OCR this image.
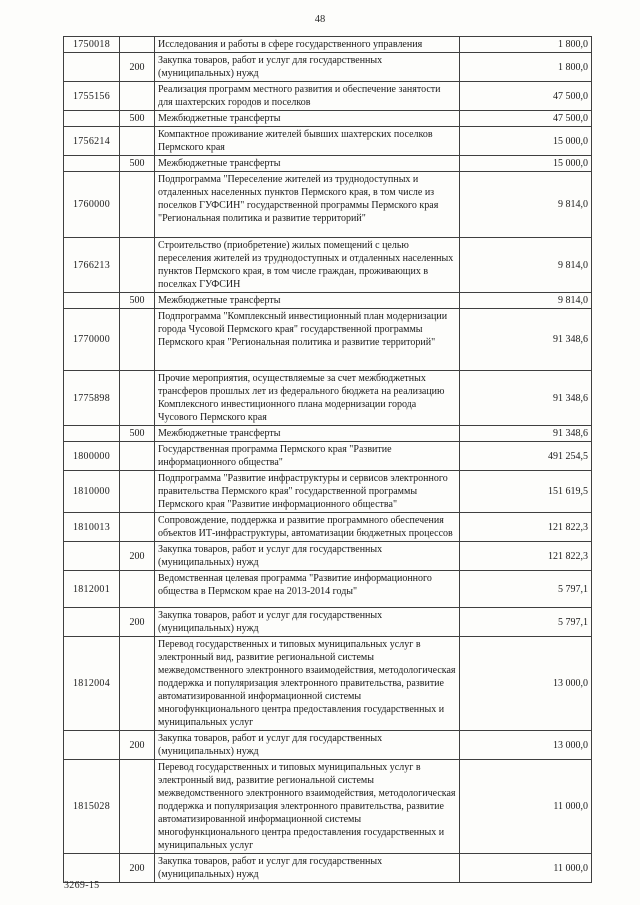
48
1750018		Исследования и работы в сфере государственного управления	1 800,0
	200	Закупка товаров, работ и услуг для государственных (муниципальных) нужд	1 800,0
1755156		Реализация программ местного развития и обеспечение занятости для шахтерских городов и поселков	47 500,0
	500	Межбюджетные трансферты	47 500,0
1756214		Компактное проживание жителей бывших шахтерских поселков Пермского края	15 000,0
	500	Межбюджетные трансферты	15 000,0
1760000		Подпрограмма "Переселение жителей из труднодоступных и отдаленных населенных пунктов Пермского края, в том числе из поселков ГУФСИН" государственной программы Пермского края "Региональная политика и развитие территорий"	9 814,0
1766213		Строительство (приобретение) жилых помещений с целью переселения жителей из труднодоступных и отдаленных населенных пунктов Пермского края, в том числе граждан, проживающих в поселках ГУФСИН	9 814,0
	500	Межбюджетные трансферты	9 814,0
1770000		Подпрограмма "Комплексный инвестиционный план модернизации города Чусовой Пермского края" государственной программы Пермского края "Региональная политика и развитие территорий"	91 348,6
1775898		Прочие мероприятия, осуществляемые за счет межбюджетных трансферов прошлых лет из федерального бюджета на реализацию Комплексного инвестиционного плана модернизации города Чусового Пермского края	91 348,6
	500	Межбюджетные трансферты	91 348,6
1800000		Государственная программа Пермского края "Развитие информационного общества"	491 254,5
1810000		Подпрограмма "Развитие инфраструктуры и сервисов электронного правительства Пермского края" государственной программы Пермского края "Развитие информационного общества"	151 619,5
1810013		Сопровождение, поддержка и развитие программного обеспечения объектов ИТ-инфраструктуры, автоматизации бюджетных процессов	121 822,3
	200	Закупка товаров, работ и услуг для государственных (муниципальных) нужд	121 822,3
1812001		Ведомственная целевая программа "Развитие информационного общества в Пермском крае на 2013-2014 годы"	5 797,1
	200	Закупка товаров, работ и услуг для государственных (муниципальных) нужд	5 797,1
1812004		Перевод государственных и типовых муниципальных услуг в электронный вид, развитие региональной системы межведомственного электронного взаимодействия, методологическая поддержка и популяризация электронного правительства, развитие автоматизированной информационной системы многофункционального центра предоставления государственных и муниципальных услуг	13 000,0
	200	Закупка товаров, работ и услуг для государственных (муниципальных) нужд	13 000,0
1815028		Перевод государственных и типовых муниципальных услуг в электронный вид, развитие региональной системы межведомственного электронного взаимодействия, методологическая поддержка и популяризация электронного правительства, развитие автоматизированной информационной системы многофункционального центра предоставления государственных и муниципальных услуг	11 000,0
	200	Закупка товаров, работ и услуг для государственных (муниципальных) нужд	11 000,0
3269-15
